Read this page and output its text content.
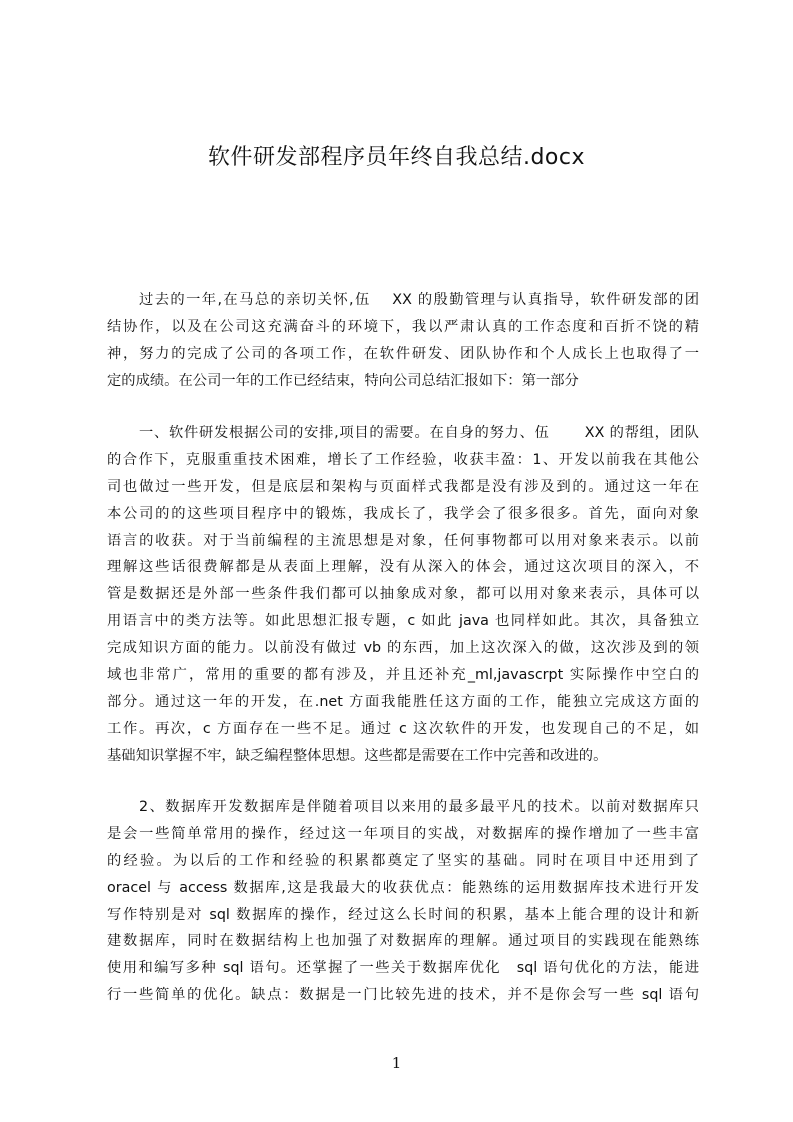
软件研发部程序员年终自我总结.docx
过去的一年,在马总的亲切关怀,伍　 XX 的殷勤管理与认真指导，软件研发部的团
结协作，以及在公司这充满奋斗的环境下，我以严肃认真的工作态度和百折不饶的精
神，努力的完成了公司的各项工作，在软件研发、团队协作和个人成长上也取得了一
定的成绩。在公司一年的工作已经结束，特向公司总结汇报如下：第一部分
一、软件研发根据公司的安排,项目的需要。在自身的努力、伍　　 XX 的帮组，团队
的合作下，克服重重技术困难，增长了工作经验，收获丰盈：1、开发以前我在其他公
司也做过一些开发，但是底层和架构与页面样式我都是没有涉及到的。通过这一年在
本公司的的这些项目程序中的锻炼，我成长了，我学会了很多很多。首先，面向对象
语言的收获。对于当前编程的主流思想是对象，任何事物都可以用对象来表示。以前
理解这些话很费解都是从表面上理解，没有从深入的体会，通过这次项目的深入，不
管是数据还是外部一些条件我们都可以抽象成对象，都可以用对象来表示，具体可以
用语言中的类方法等。如此思想汇报专题，c 如此 java 也同样如此。其次，具备独立
完成知识方面的能力。以前没有做过 vb 的东西，加上这次深入的做，这次涉及到的领
域也非常广，常用的重要的都有涉及，并且还补充_ml,javascrpt 实际操作中空白的
部分。通过这一年的开发，在.net 方面我能胜任这方面的工作，能独立完成这方面的
工作。再次，c 方面存在一些不足。通过 c 这次软件的开发，也发现自己的不足，如
基础知识掌握不牢，缺乏编程整体思想。这些都是需要在工作中完善和改进的。
2、数据库开发数据库是伴随着项目以来用的最多最平凡的技术。以前对数据库只
是会一些简单常用的操作，经过这一年项目的实战，对数据库的操作增加了一些丰富
的经验。为以后的工作和经验的积累都奠定了坚实的基础。同时在项目中还用到了
oracel 与 access 数据库,这是我最大的收获优点：能熟练的运用数据库技术进行开发
写作特别是对 sql 数据库的操作，经过这么长时间的积累，基本上能合理的设计和新
建数据库，同时在数据结构上也加强了对数据库的理解。通过项目的实践现在能熟练
使用和编写多种 sql 语句。还掌握了一些关于数据库优化　sql 语句优化的方法，能进
行一些简单的优化。缺点：数据是一门比较先进的技术，并不是你会写一些 sql 语句
1
